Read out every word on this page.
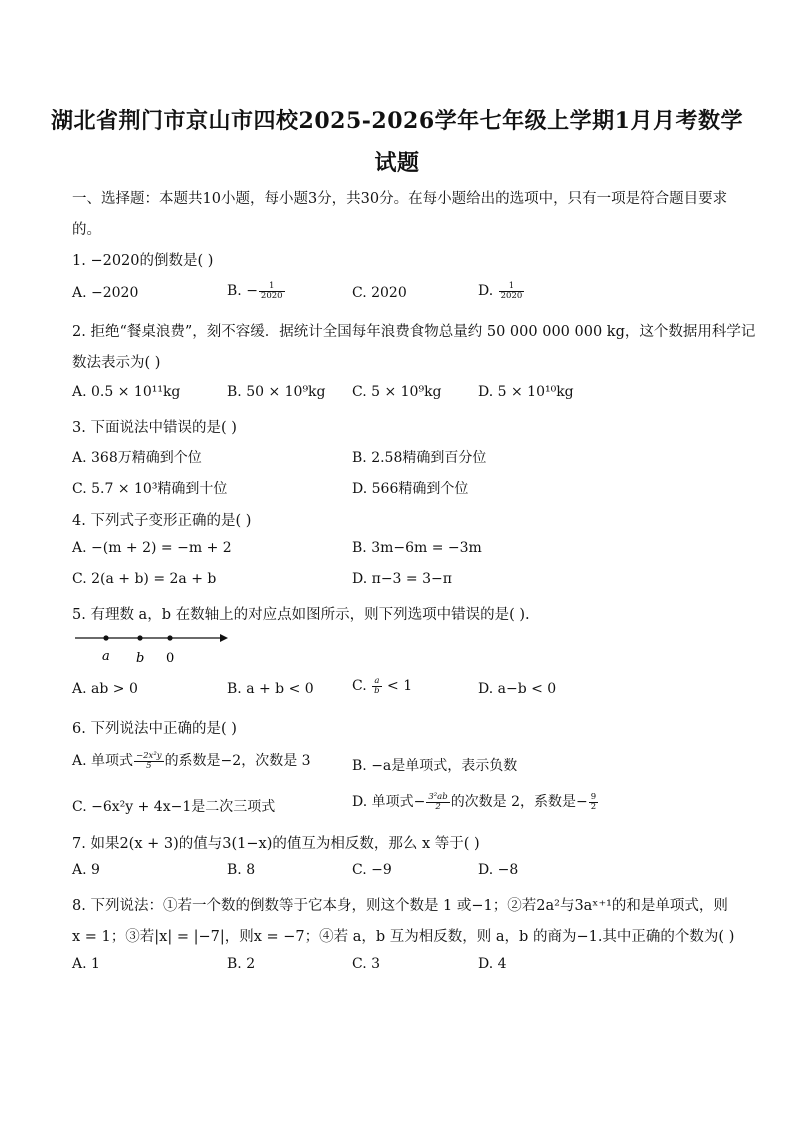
湖北省荆门市京山市四校2025-2026学年七年级上学期1月月考数学
试题
一、选择题：本题共10小题，每小题3分，共30分。在每小题给出的选项中，只有一项是符合题目要求
的。
1. −2020的倒数是( )
A. −2020	B. − $\frac{1}{2020}$	C. 2020	D. $\frac{1}{2020}$
2. 拒绝“餐桌浪费”，刻不容缓．据统计全国每年浪费食物总量约 50 000 000 000 kg，这个数据用科学记
数法表示为( )
A. 0.5 × 10¹¹kg	B. 50 × 10⁹kg C. 5 × 10⁹kg	D. 5 × 10¹⁰kg
3. 下面说法中错误的是( )
A. 368万精确到个位	B. 2.58精确到百分位
C. 5.7 × 10³精确到十位	D. 566精确到个位
4. 下列式子变形正确的是( )
A. −(m + 2) = −m + 2	B. 3m−6m = −3m
C. 2(a + b) = 2a + b	D. π−3 = 3−π
5. 有理数 a，b 在数轴上的对应点如图所示，则下列选项中错误的是( ).
a b 0
A. ab > 0	B. a + b < 0	C. $\frac{a}{b} < 1$	D. a−b < 0
6. 下列说法中正确的是( )
A. 单项式 $\frac{\text{−2x²y}}{5}$ 的系数是−2，次数是 3	B. −a是单项式，表示负数
C. −6x²y + 4x−1是二次三项式	D. 单项式− $\frac{\text{3²ab}}{2}$ 的次数是 2，系数是− $\frac{9}{2}$
7. 如果2(x + 3)的值与3(1−x)的值互为相反数，那么 x 等于( )
A. 9	B. 8	C. −9	D. −8
8. 下列说法：①若一个数的倒数等于它本身，则这个数是 1 或−1；②若2a²与3aˣ⁺¹的和是单项式，则
x = 1；③若|x| = |−7|，则x = −7；④若 a，b 互为相反数，则 a，b 的商为−1.其中正确的个数为( )
A. 1	B. 2	C. 3	D. 4
